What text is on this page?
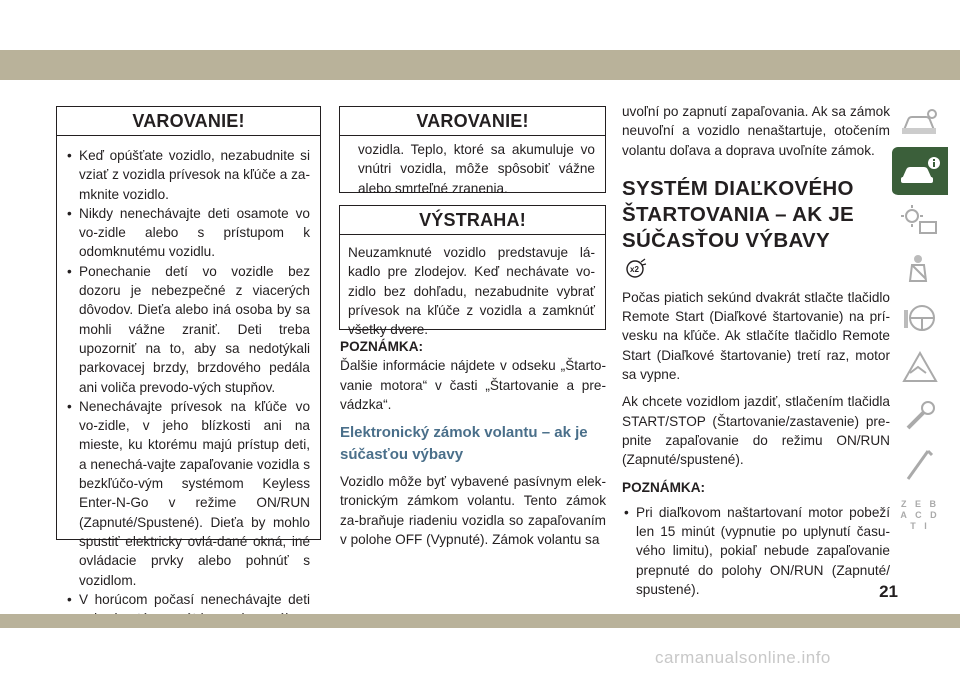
VAROVANIE!
• Keď opúšťate vozidlo, nezabudnite si vziať z vozidla prívesok na kľúče a za-mknite vozidlo.
• Nikdy nenechávajte deti osamote vo vo-zidle alebo s prístupom k odomknutému vozidlu.
• Ponechanie detí vo vozidle bez dozoru je nebezpečné z viacerých dôvodov. Dieťa alebo iná osoba by sa mohli vážne zraniť. Deti treba upozorniť na to, aby sa nedotýkali parkovacej brzdy, brzdového pedála ani voliča prevodo-vých stupňov.
• Nenechávajte prívesok na kľúče vo vo-zidle, v jeho blízkosti ani na mieste, ku ktorému majú prístup deti, a nenechá-vajte zapaľovanie vozidla s bezkľúčo-vým systémom Keyless Enter-N-Go v režime ON/RUN (Zapnuté/Spustené). Dieťa by mohlo spustiť elektricky ovlá-dané okná, iné ovládacie prvky alebo pohnúť s vozidlom.
• V horúcom počasí nenechávajte deti
VAROVANIE!

vozidla. Teplo, ktoré sa akumuluje vo vnútri vozidla, môže spôsobiť vážne alebo smrteľné zranenia.

VÝSTRAHA!

Neuzamknuté vozidlo predstavuje lá-kadlo pre zlodejov. Keď nechávate vo-zidlo bez dohľadu, nezabudnite vybrať prívesok na kľúče z vozidla a zamknúť všetky dvere.

POZNÁMKA:

Ďalšie informácie nájdete v odseku „Štarto-vanie motora“ v časti „Štartovanie a pre-vádzka“.

Elektronický zámok volantu – ak je súčasťou výbavy

Vozidlo môže byť vybavené pasívnym elek-tronickým zámkom volantu. Tento zámok za-braňuje riadeniu vozidla so zapaľovaním v polohe OFF (Vypnuté). Zámok volantu sa

uvoľní po zapnutí zapaľovania. Ak sa zámok neuvoľní a vozidlo nenaštartuje, otočením volantu doľava a doprava uvoľníte zámok.

SYSTÉM DIAĽKOVÉHO ŠTARTOVANIA – AK JE SÚČASŤOU VÝBAVY
x2

Počas piatich sekúnd dvakrát stlačte tlačidlo Remote Start (Diaľkové štartovanie) na prí-vesku na kľúče. Ak stlačíte tlačidlo Remote Start (Diaľkové štartovanie) tretí raz, motor sa vypne.

Ak chcete vozidlom jazdiť, stlačením tlačidla START/STOP (Štartovanie/zastavenie) pre-pnite zapaľovanie do režimu ON/RUN (Zapnuté/spustené).

POZNÁMKA:

• Pri diaľkovom naštartovaní motor pobeží len 15 minút (vypnutie po uplynutí času-vého limitu), pokiaľ nebude zapaľovanie prepnuté do polohy ON/RUN (Zapnuté/ spustené).
Z E B A C D T I
21
carmanualsonline.info
